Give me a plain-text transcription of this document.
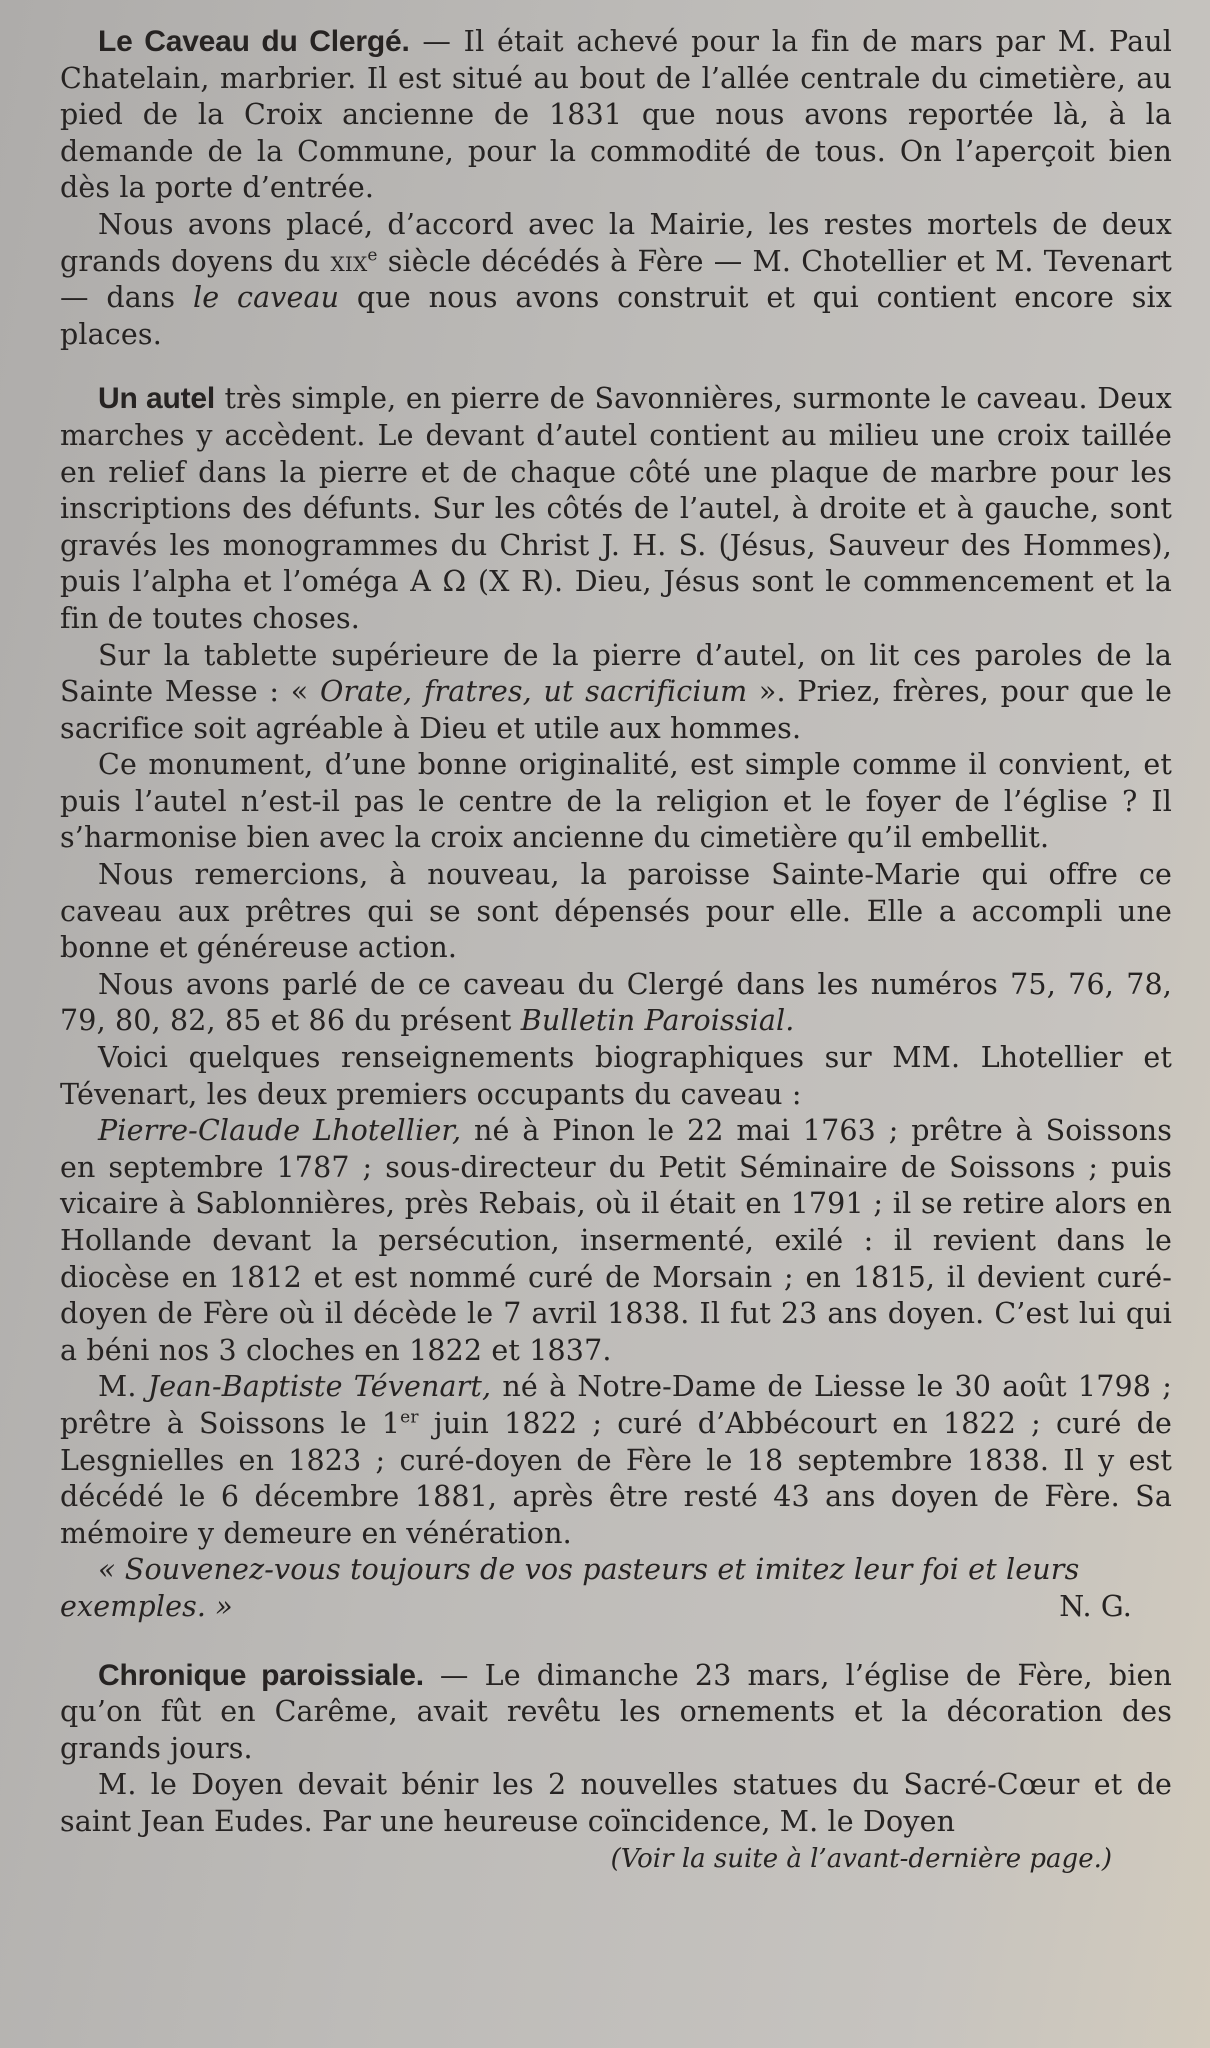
Le Caveau du Clergé. — Il était achevé pour la fin de mars par M. Paul Chatelain, marbrier. Il est situé au bout de l’allée centrale du cimetière, au pied de la Croix ancienne de 1831 que nous avons reportée là, à la demande de la Commune, pour la commodité de tous. On l’aperçoit bien dès la porte d’entrée.

Nous avons placé, d’accord avec la Mairie, les restes mortels de deux grands doyens du xix$^e$ siècle décédés à Fère — M. Chotellier et M. Tevenart — dans le caveau que nous avons construit et qui contient encore six places.

Un autel très simple, en pierre de Savonnières, surmonte le caveau. Deux marches y accèdent. Le devant d’autel contient au milieu une croix taillée en relief dans la pierre et de chaque côté une plaque de marbre pour les inscriptions des défunts. Sur les côtés de l’autel, à droite et à gauche, sont gravés les monogrammes du Christ J. H. S. (Jésus, Sauveur des Hommes), puis l’alpha et l’oméga A Ω (X R). Dieu, Jésus sont le commencement et la fin de toutes choses.

Sur la tablette supérieure de la pierre d’autel, on lit ces paroles de la Sainte Messe : « Orate, fratres, ut sacrificium ». Priez, frères, pour que le sacrifice soit agréable à Dieu et utile aux hommes.

Ce monument, d’une bonne originalité, est simple comme il convient, et puis l’autel n’est-il pas le centre de la religion et le foyer de l’église ? Il s’harmonise bien avec la croix ancienne du cimetière qu’il embellit.

Nous remercions, à nouveau, la paroisse Sainte-Marie qui offre ce caveau aux prêtres qui se sont dépensés pour elle. Elle a accompli une bonne et généreuse action.

Nous avons parlé de ce caveau du Clergé dans les numéros 75, 76, 78, 79, 80, 82, 85 et 86 du présent Bulletin Paroissial.

Voici quelques renseignements biographiques sur MM. Lhotellier et Tévenart, les deux premiers occupants du caveau :

Pierre-Claude Lhotellier, né à Pinon le 22 mai 1763 ; prêtre à Soissons en septembre 1787 ; sous-directeur du Petit Séminaire de Soissons ; puis vicaire à Sablonnières, près Rebais, où il était en 1791 ; il se retire alors en Hollande devant la persécution, insermenté, exilé : il revient dans le diocèse en 1812 et est nommé curé de Morsain ; en 1815, il devient curé-doyen de Fère où il décède le 7 avril 1838. Il fut 23 ans doyen. C’est lui qui a béni nos 3 cloches en 1822 et 1837.

M. Jean-Baptiste Tévenart, né à Notre-Dame de Liesse le 30 août 1798 ; prêtre à Soissons le 1er juin 1822 ; curé d’Abbécourt en 1822 ; curé de Lesgnielles en 1823 ; curé-doyen de Fère le 18 septembre 1838. Il y est décédé le 6 décembre 1881, après être resté 43 ans doyen de Fère. Sa mémoire y demeure en vénération.

« Souvenez-vous toujours de vos pasteurs et imitez leur foi et leurs

exemples. »	N. G.

Chronique paroissiale. — Le dimanche 23 mars, l’église de Fère, bien qu’on fût en Carême, avait revêtu les ornements et la décoration des grands jours.

M. le Doyen devait bénir les 2 nouvelles statues du Sacré-Cœur et de saint Jean Eudes. Par une heureuse coïncidence, M. le Doyen

(Voir la suite à l’avant-dernière page.)
